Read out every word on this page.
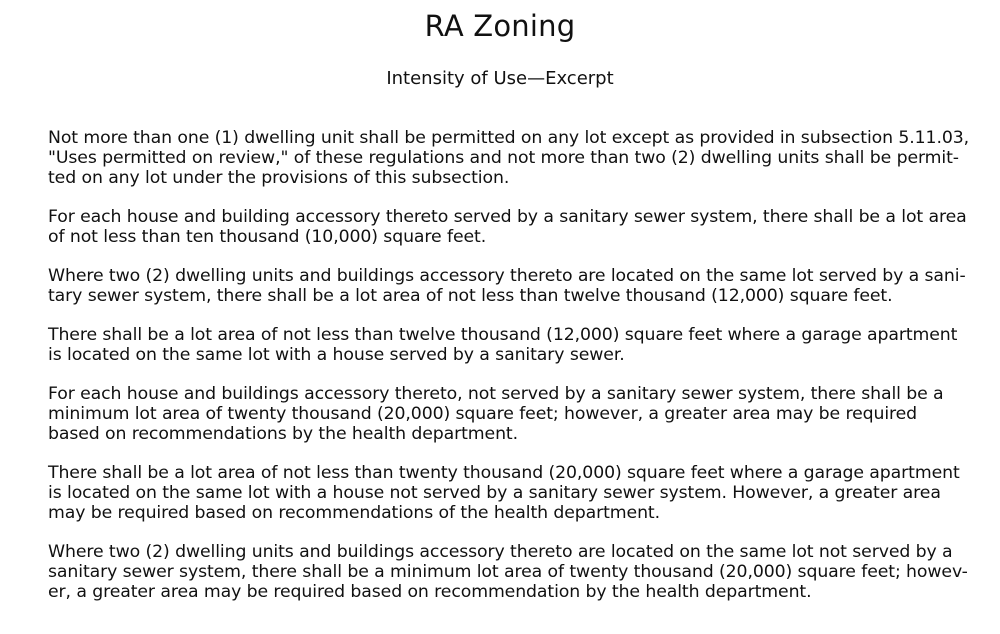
RA Zoning
Intensity of Use—Excerpt

Not more than one (1) dwelling unit shall be permitted on any lot except as provided in subsection 5.11.03,
"Uses permitted on review," of these regulations and not more than two (2) dwelling units shall be permit-
ted on any lot under the provisions of this subsection.

For each house and building accessory thereto served by a sanitary sewer system, there shall be a lot area
of not less than ten thousand (10,000) square feet.

Where two (2) dwelling units and buildings accessory thereto are located on the same lot served by a sani-
tary sewer system, there shall be a lot area of not less than twelve thousand (12,000) square feet.

There shall be a lot area of not less than twelve thousand (12,000) square feet where a garage apartment
is located on the same lot with a house served by a sanitary sewer.

For each house and buildings accessory thereto, not served by a sanitary sewer system, there shall be a
minimum lot area of twenty thousand (20,000) square feet; however, a greater area may be required
based on recommendations by the health department.

There shall be a lot area of not less than twenty thousand (20,000) square feet where a garage apartment
is located on the same lot with a house not served by a sanitary sewer system. However, a greater area
may be required based on recommendations of the health department.

Where two (2) dwelling units and buildings accessory thereto are located on the same lot not served by a
sanitary sewer system, there shall be a minimum lot area of twenty thousand (20,000) square feet; howev-
er, a greater area may be required based on recommendation by the health department.
